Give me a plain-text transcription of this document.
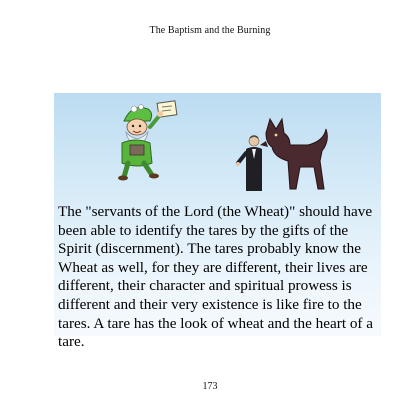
The Baptism and the Burning
The "servants of the Lord (the Wheat)" should have been able to identify the tares by the gifts of the Spirit (discernment). The tares probably know the Wheat as well, for they are different, their lives are different, their character and spiritual prowess is different and their very existence is like fire to the tares. A tare has the look of wheat and the heart of a tare.
173
